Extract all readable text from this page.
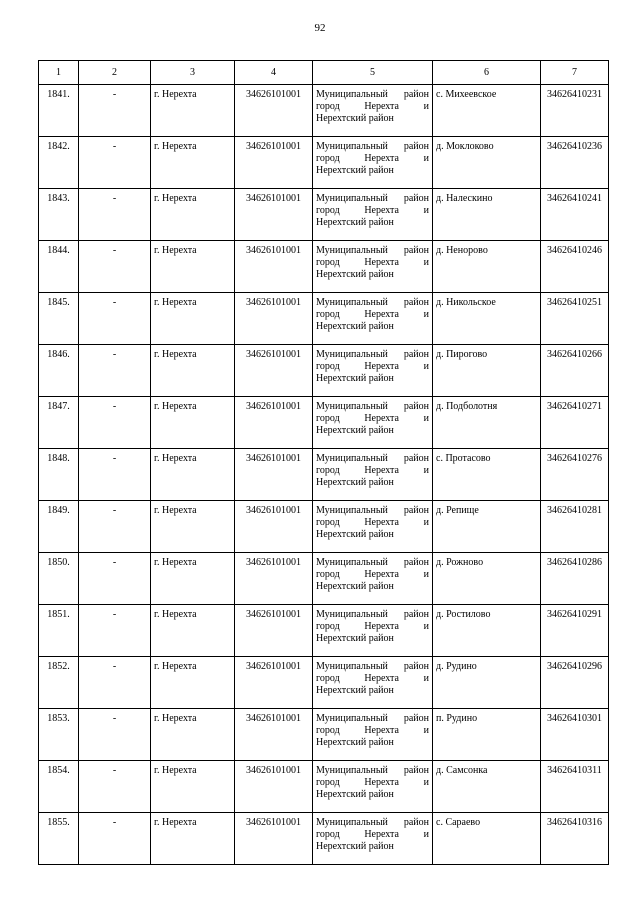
92
1	2	3	4	5	6	7
1841.	-	г. Нерехта	34626101001	Муниципальный район город Нерехта и Нерехтский район	с. Михеевское	34626410231
1842.	-	г. Нерехта	34626101001	Муниципальный район город Нерехта и Нерехтский район	д. Моклоково	34626410236
1843.	-	г. Нерехта	34626101001	Муниципальный район город Нерехта и Нерехтский район	д. Налескино	34626410241
1844.	-	г. Нерехта	34626101001	Муниципальный район город Нерехта и Нерехтский район	д. Неноровo	34626410246
1845.	-	г. Нерехта	34626101001	Муниципальный район город Нерехта и Нерехтский район	д. Никольское	34626410251
1846.	-	г. Нерехта	34626101001	Муниципальный район город Нерехта и Нерехтский район	д. Пирогово	34626410266
1847.	-	г. Нерехта	34626101001	Муниципальный район город Нерехта и Нерехтский район	д. Подболотня	34626410271
1848.	-	г. Нерехта	34626101001	Муниципальный район город Нерехта и Нерехтский район	с. Протасово	34626410276
1849.	-	г. Нерехта	34626101001	Муниципальный район город Нерехта и Нерехтский район	д. Репище	34626410281
1850.	-	г. Нерехта	34626101001	Муниципальный район город Нерехта и Нерехтский район	д. Рожново	34626410286
1851.	-	г. Нерехта	34626101001	Муниципальный район город Нерехта и Нерехтский район	д. Ростилово	34626410291
1852.	-	г. Нерехта	34626101001	Муниципальный район город Нерехта и Нерехтский район	д. Рудино	34626410296
1853.	-	г. Нерехта	34626101001	Муниципальный район город Нерехта и Нерехтский район	п. Рудино	34626410301
1854.	-	г. Нерехта	34626101001	Муниципальный район город Нерехта и Нерехтский район	д. Самсонка	34626410311
1855.	-	г. Нерехта	34626101001	Муниципальный район город Нерехта и Нерехтский район	с. Сараево	34626410316
